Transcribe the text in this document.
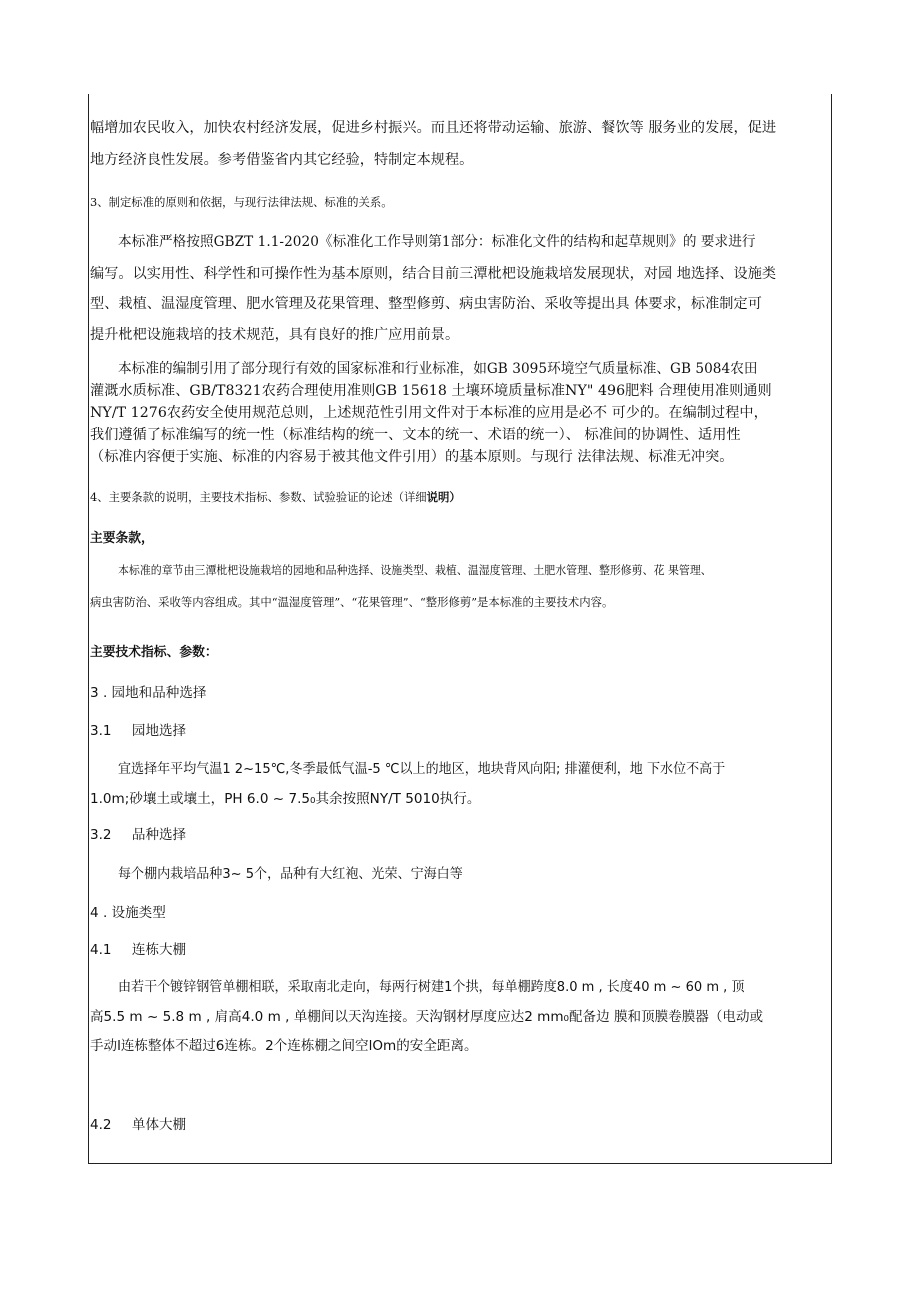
幅增加农民收入，加快农村经济发展，促进乡村振兴。而且还将带动运输、旅游、餐饮等 服务业的发展，促进

地方经济良性发展。参考借鉴省内其它经验，特制定本规程。

3、制定标准的原则和依据，与现行法律法规、标准的关系。

本标准严格按照GBZT 1.1-2020《标准化工作导则第1部分：标准化文件的结构和起草规则》的 要求进行

编写。以实用性、科学性和可操作性为基本原则，结合目前三潭枇杷设施栽培发展现状，对园 地选择、设施类

型、栽植、温湿度管理、肥水管理及花果管理、整型修剪、病虫害防治、采收等提出具 体要求，标准制定可

提升枇杷设施栽培的技术规范，具有良好的推广应用前景。

本标准的编制引用了部分现行有效的国家标准和行业标准，如GB 3095环境空气质量标准、GB 5084农田

灌溉水质标准、GB/T8321农药合理使用准则GB 15618 土壤环境质量标准NY" 496肥料 合理使用准则通则

NY/T 1276农药安全使用规范总则，上述规范性引用文件对于本标准的应用是必不 可少的。在编制过程中，

我们遵循了标准编写的统一性（标准结构的统一、文本的统一、术语的统一）、 标准间的协调性、适用性

（标准内容便于实施、标准的内容易于被其他文件引用）的基本原则。与现行 法律法规、标准无冲突。

4、主要条款的说明，主要技术指标、参数、试验验证的论述（详细说明）

主要条款，

本标准的章节由三潭枇杷设施栽培的园地和品种选择、设施类型、栽植、温湿度管理、土肥水管理、整形修剪、花 果管理、

病虫害防治、采收等内容组成。其中“温湿度管理”、“花果管理”、“整形修剪”是本标准的主要技术内容。

主要技术指标、参数：

3 . 园地和品种选择

3.1 园地选择

宜选择年平均气温1 2~15℃,冬季最低气温-5 ℃以上的地区，地块背风向阳; 排灌便利，地 下水位不高于

1.0m;砂壤土或壤土，PH 6.0 ~ 7.5₀其余按照NY/T 5010执行。

3.2 品种选择

每个棚内栽培品种3~ 5个，品种有大红袍、光荣、宁海白等

4 . 设施类型

4.1 连栋大棚

由若干个镀锌钢管单棚相联，采取南北走向，每两行树建1个拱，每单棚跨度8.0 m , 长度40 m ~ 60 m , 顶

高5.5 m ~ 5.8 m , 肩高4.0 m , 单棚间以天沟连接。天沟钢材厚度应达2 mm₀配备边 膜和顶膜卷膜器（电动或

手动l连栋整体不超过6连栋。2个连栋棚之间空lOm的安全距离。

4.2 单体大棚
